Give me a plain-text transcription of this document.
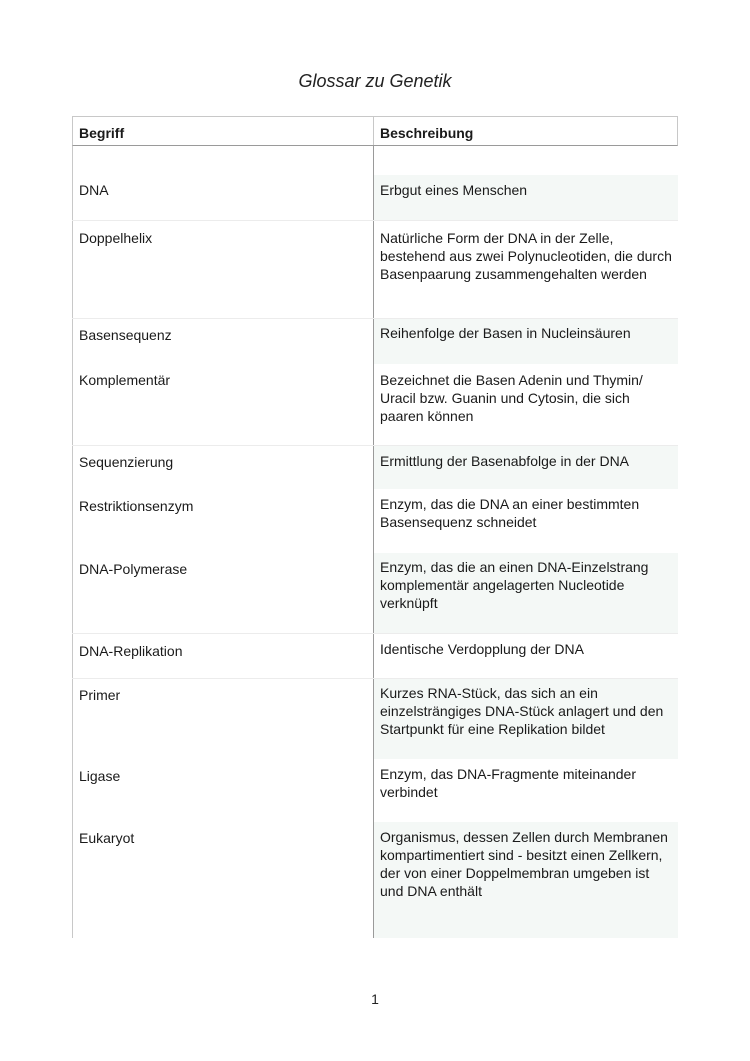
Glossar zu Genetik
Begriff	Beschreibung
DNA	Erbgut eines Menschen
Doppelhelix	Natürliche Form der DNA in der Zelle, bestehend aus zwei Polynucleotiden, die durch Basenpaarung zusammengehalten werden
Basensequenz	Reihenfolge der Basen in Nucleinsäuren
Komplementär	Bezeichnet die Basen Adenin und Thymin/ Uracil bzw. Guanin und Cytosin, die sich paaren können
Sequenzierung	Ermittlung der Basenabfolge in der DNA
Restriktionsenzym	Enzym, das die DNA an einer bestimmten Basensequenz schneidet
DNA-Polymerase	Enzym, das die an einen DNA-Einzelstrang komplementär angelagerten Nucleotide verknüpft
DNA-Replikation	Identische Verdopplung der DNA
Primer	Kurzes RNA-Stück, das sich an ein einzelsträngiges DNA-Stück anlagert und den Startpunkt für eine Replikation bildet
Ligase	Enzym, das DNA-Fragmente miteinander verbindet
Eukaryot	Organismus, dessen Zellen durch Membranen kompartimentiert sind - besitzt einen Zellkern, der von einer Doppelmembran umgeben ist und DNA enthält
1
